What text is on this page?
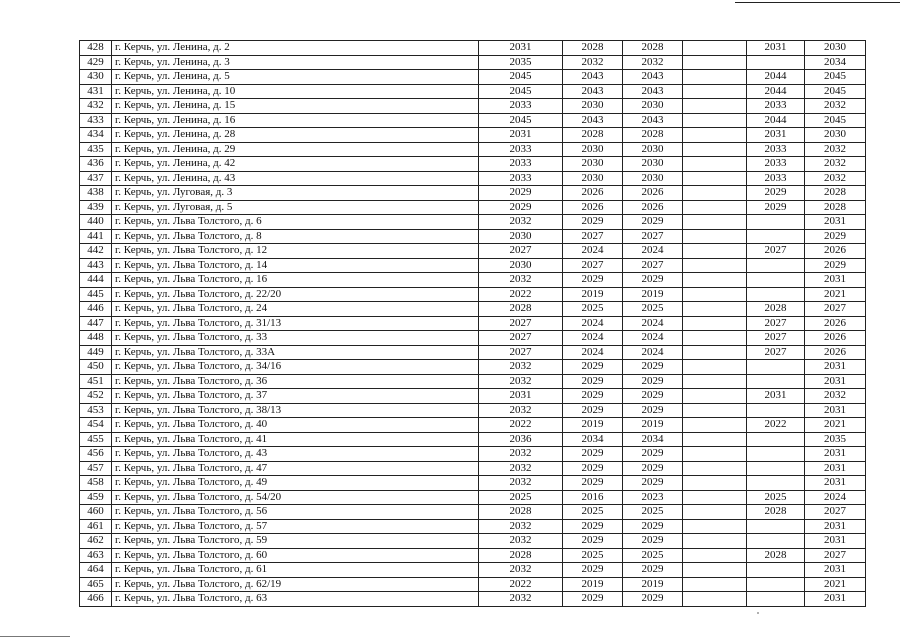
428	г. Керчь, ул. Ленина, д. 2	2031	2028	2028		2031	2030
429	г. Керчь, ул. Ленина, д. 3	2035	2032	2032			2034
430	г. Керчь, ул. Ленина, д. 5	2045	2043	2043		2044	2045
431	г. Керчь, ул. Ленина, д. 10	2045	2043	2043		2044	2045
432	г. Керчь, ул. Ленина, д. 15	2033	2030	2030		2033	2032
433	г. Керчь, ул. Ленина, д. 16	2045	2043	2043		2044	2045
434	г. Керчь, ул. Ленина, д. 28	2031	2028	2028		2031	2030
435	г. Керчь, ул. Ленина, д. 29	2033	2030	2030		2033	2032
436	г. Керчь, ул. Ленина, д. 42	2033	2030	2030		2033	2032
437	г. Керчь, ул. Ленина, д. 43	2033	2030	2030		2033	2032
438	г. Керчь, ул. Луговая, д. 3	2029	2026	2026		2029	2028
439	г. Керчь, ул. Луговая, д. 5	2029	2026	2026		2029	2028
440	г. Керчь, ул. Льва Толстого, д. 6	2032	2029	2029			2031
441	г. Керчь, ул. Льва Толстого, д. 8	2030	2027	2027			2029
442	г. Керчь, ул. Льва Толстого, д. 12	2027	2024	2024		2027	2026
443	г. Керчь, ул. Льва Толстого, д. 14	2030	2027	2027			2029
444	г. Керчь, ул. Льва Толстого, д. 16	2032	2029	2029			2031
445	г. Керчь, ул. Льва Толстого, д. 22/20	2022	2019	2019			2021
446	г. Керчь, ул. Льва Толстого, д. 24	2028	2025	2025		2028	2027
447	г. Керчь, ул. Льва Толстого, д. 31/13	2027	2024	2024		2027	2026
448	г. Керчь, ул. Льва Толстого, д. 33	2027	2024	2024		2027	2026
449	г. Керчь, ул. Льва Толстого, д. 33А	2027	2024	2024		2027	2026
450	г. Керчь, ул. Льва Толстого, д. 34/16	2032	2029	2029			2031
451	г. Керчь, ул. Льва Толстого, д. 36	2032	2029	2029			2031
452	г. Керчь, ул. Льва Толстого, д. 37	2031	2029	2029		2031	2032
453	г. Керчь, ул. Льва Толстого, д. 38/13	2032	2029	2029			2031
454	г. Керчь, ул. Льва Толстого, д. 40	2022	2019	2019		2022	2021
455	г. Керчь, ул. Льва Толстого, д. 41	2036	2034	2034			2035
456	г. Керчь, ул. Льва Толстого, д. 43	2032	2029	2029			2031
457	г. Керчь, ул. Льва Толстого, д. 47	2032	2029	2029			2031
458	г. Керчь, ул. Льва Толстого, д. 49	2032	2029	2029			2031
459	г. Керчь, ул. Льва Толстого, д. 54/20	2025	2016	2023		2025	2024
460	г. Керчь, ул. Льва Толстого, д. 56	2028	2025	2025		2028	2027
461	г. Керчь, ул. Льва Толстого, д. 57	2032	2029	2029			2031
462	г. Керчь, ул. Льва Толстого, д. 59	2032	2029	2029			2031
463	г. Керчь, ул. Льва Толстого, д. 60	2028	2025	2025		2028	2027
464	г. Керчь, ул. Льва Толстого, д. 61	2032	2029	2029			2031
465	г. Керчь, ул. Льва Толстого, д. 62/19	2022	2019	2019			2021
466	г. Керчь, ул. Льва Толстого, д. 63	2032	2029	2029			2031
